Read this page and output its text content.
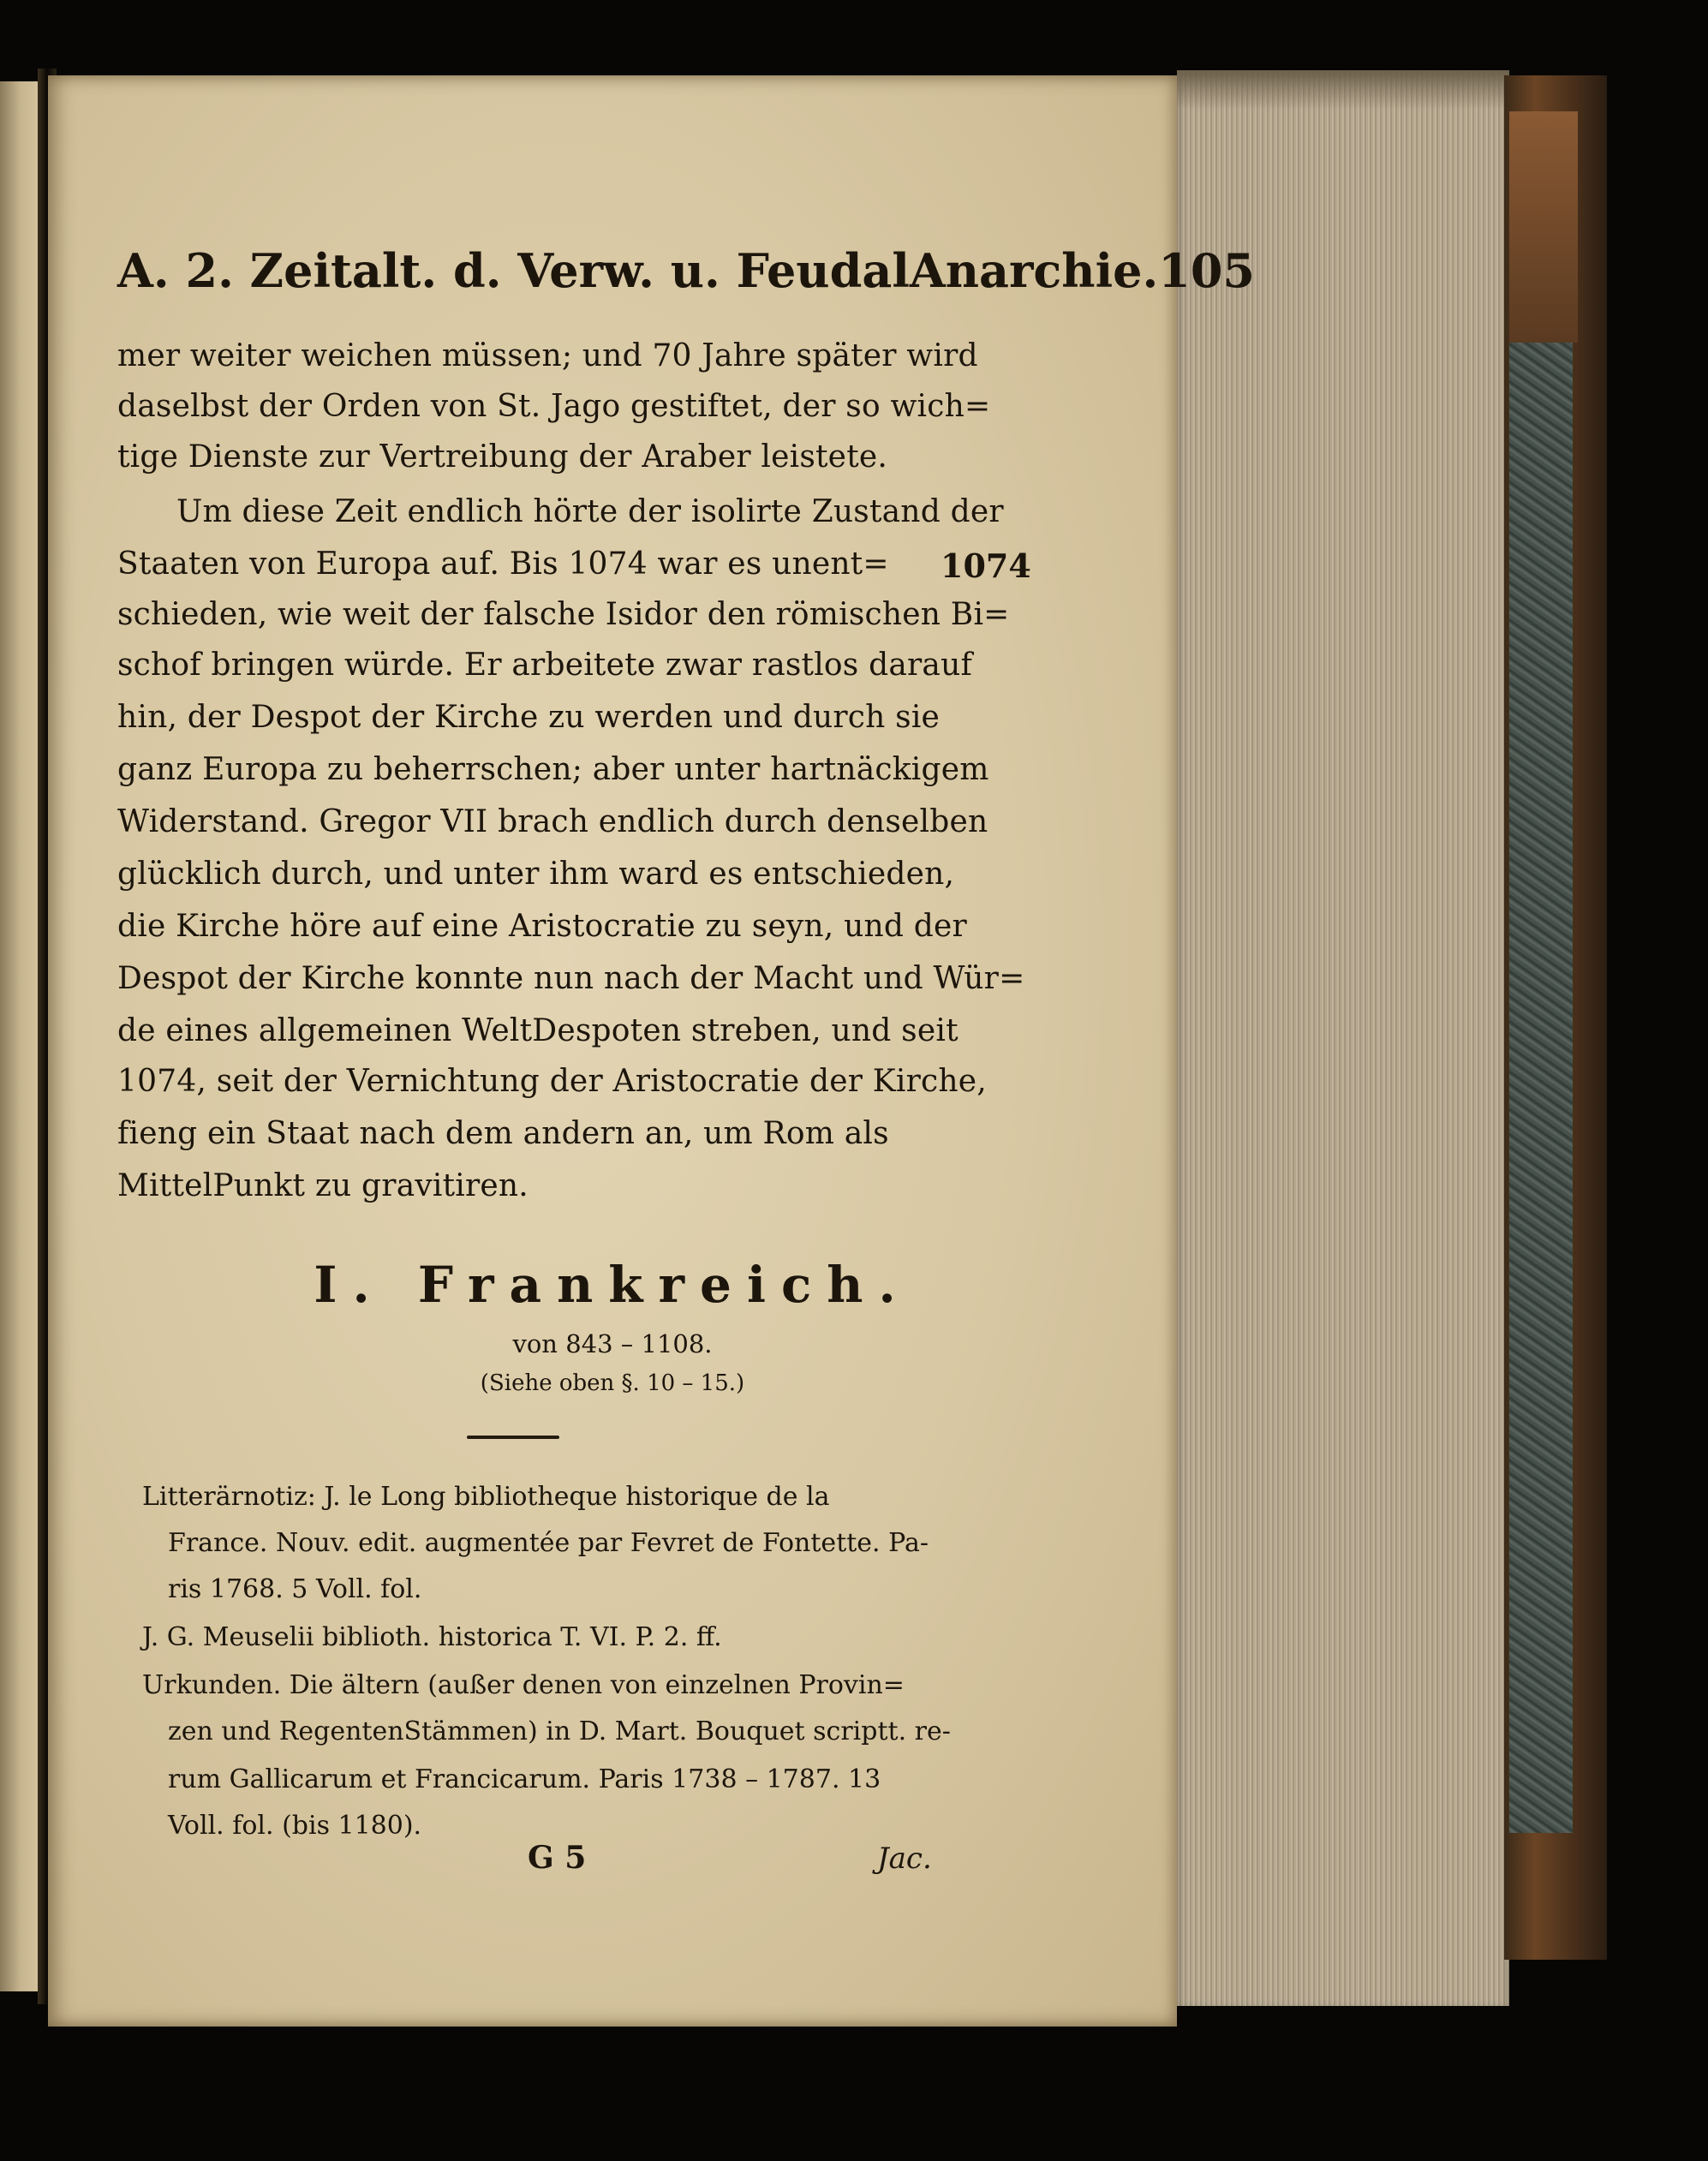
A. 2. Zeitalt. d. Verw. u. FeudalAnarchie. 105
mer weiter weichen müssen; und 70 Jahre später wird
daselbst der Orden von St. Jago gestiftet, der so wich=
tige Dienste zur Vertreibung der Araber leistete.
Um diese Zeit endlich hörte der isolirte Zustand der
Staaten von Europa auf. Bis 1074 war es unent=
schieden, wie weit der falsche Isidor den römischen Bi=
schof bringen würde. Er arbeitete zwar rastlos darauf
hin, der Despot der Kirche zu werden und durch sie
ganz Europa zu beherrschen; aber unter hartnäckigem
Widerstand. Gregor VII brach endlich durch denselben
glücklich durch, und unter ihm ward es entschieden,
die Kirche höre auf eine Aristocratie zu seyn, und der
Despot der Kirche konnte nun nach der Macht und Wür=
de eines allgemeinen WeltDespoten streben, und seit
1074, seit der Vernichtung der Aristocratie der Kirche,
fieng ein Staat nach dem andern an, um Rom als
MittelPunkt zu gravitiren.
1074
I. Frankreich.
von 843 – 1108.
(Siehe oben §. 10 – 15.)
Litterärnotiz: J. le Long bibliotheque historique de la
France. Nouv. edit. augmentée par Fevret de Fontette. Pa-
ris 1768. 5 Voll. fol.
J. G. Meuselii biblioth. historica T. VI. P. 2. ff.
Urkunden. Die ältern (außer denen von einzelnen Provin=
zen und RegentenStämmen) in D. Mart. Bouquet scriptt. re-
rum Gallicarum et Francicarum. Paris 1738 – 1787. 13
Voll. fol. (bis 1180).
G 5	Jac.
